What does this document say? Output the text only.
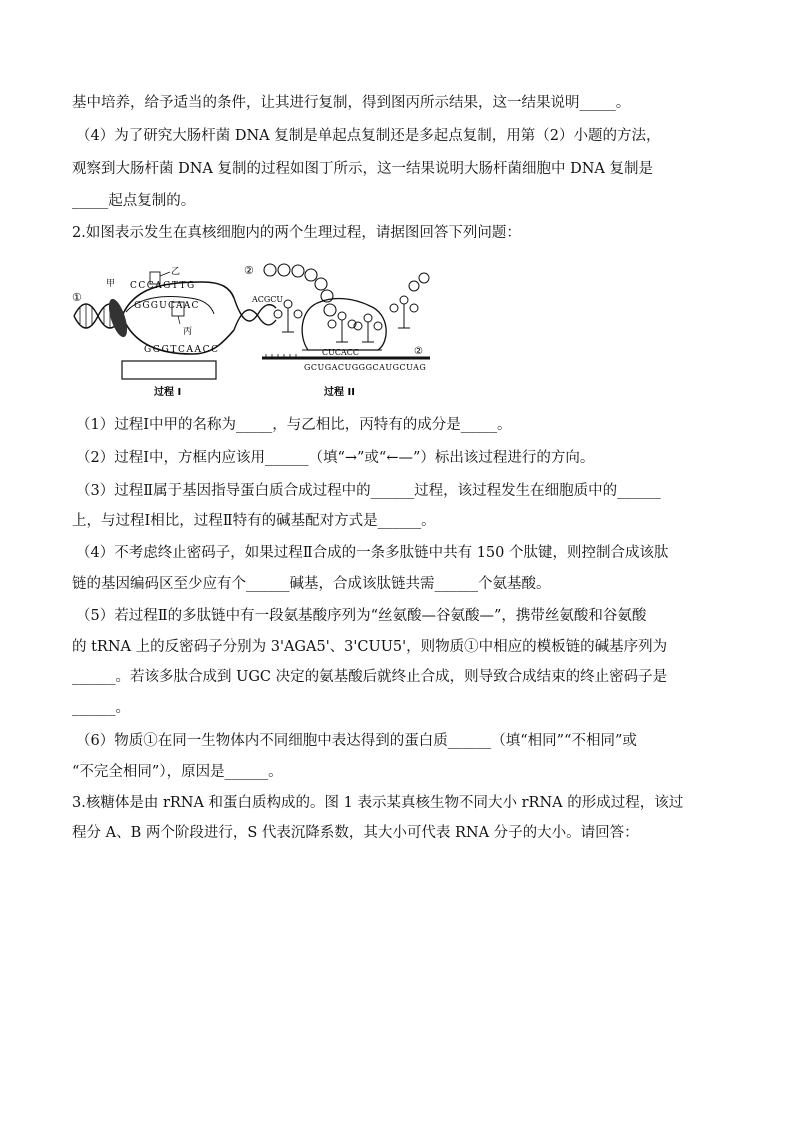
基中培养，给予适当的条件，让其进行复制，得到图丙所示结果，这一结果说明_____。
（4）为了研究大肠杆菌 DNA 复制是单起点复制还是多起点复制，用第（2）小题的方法，
观察到大肠杆菌 DNA 复制的过程如图丁所示，这一结果说明大肠杆菌细胞中 DNA 复制是
_____起点复制的。
2.如图表示发生在真核细胞内的两个生理过程，请据图回答下列问题：
①
甲
乙
丙
CCCAGTTG
GGGUCAAC
GGGTCAACC
过程 I
②
②
CUCACC
ACGCU
GCUGACUGGGCAUGCUAG
过程 II
（1）过程Ⅰ中甲的名称为_____，与乙相比，丙特有的成分是_____。
（2）过程Ⅰ中，方框内应该用______（填“→”或“←—”）标出该过程进行的方向。
（3）过程Ⅱ属于基因指导蛋白质合成过程中的______过程，该过程发生在细胞质中的______
上，与过程Ⅰ相比，过程Ⅱ特有的碱基配对方式是______。
（4）不考虑终止密码子，如果过程Ⅱ合成的一条多肽链中共有 150 个肽键，则控制合成该肽
链的基因编码区至少应有个______碱基，合成该肽链共需______个氨基酸。
（5）若过程Ⅱ的多肽链中有一段氨基酸序列为“丝氨酸—谷氨酸—”，携带丝氨酸和谷氨酸
的 tRNA 上的反密码子分别为 3'AGA5'、3'CUU5'，则物质①中相应的模板链的碱基序列为
______。若该多肽合成到 UGC 决定的氨基酸后就终止合成，则导致合成结束的终止密码子是
______。
（6）物质①在同一生物体内不同细胞中表达得到的蛋白质______（填“相同”“不相同”或
“不完全相同”），原因是______。
3.核糖体是由 rRNA 和蛋白质构成的。图 1 表示某真核生物不同大小 rRNA 的形成过程，该过
程分 A、B 两个阶段进行，S 代表沉降系数，其大小可代表 RNA 分子的大小。请回答：
